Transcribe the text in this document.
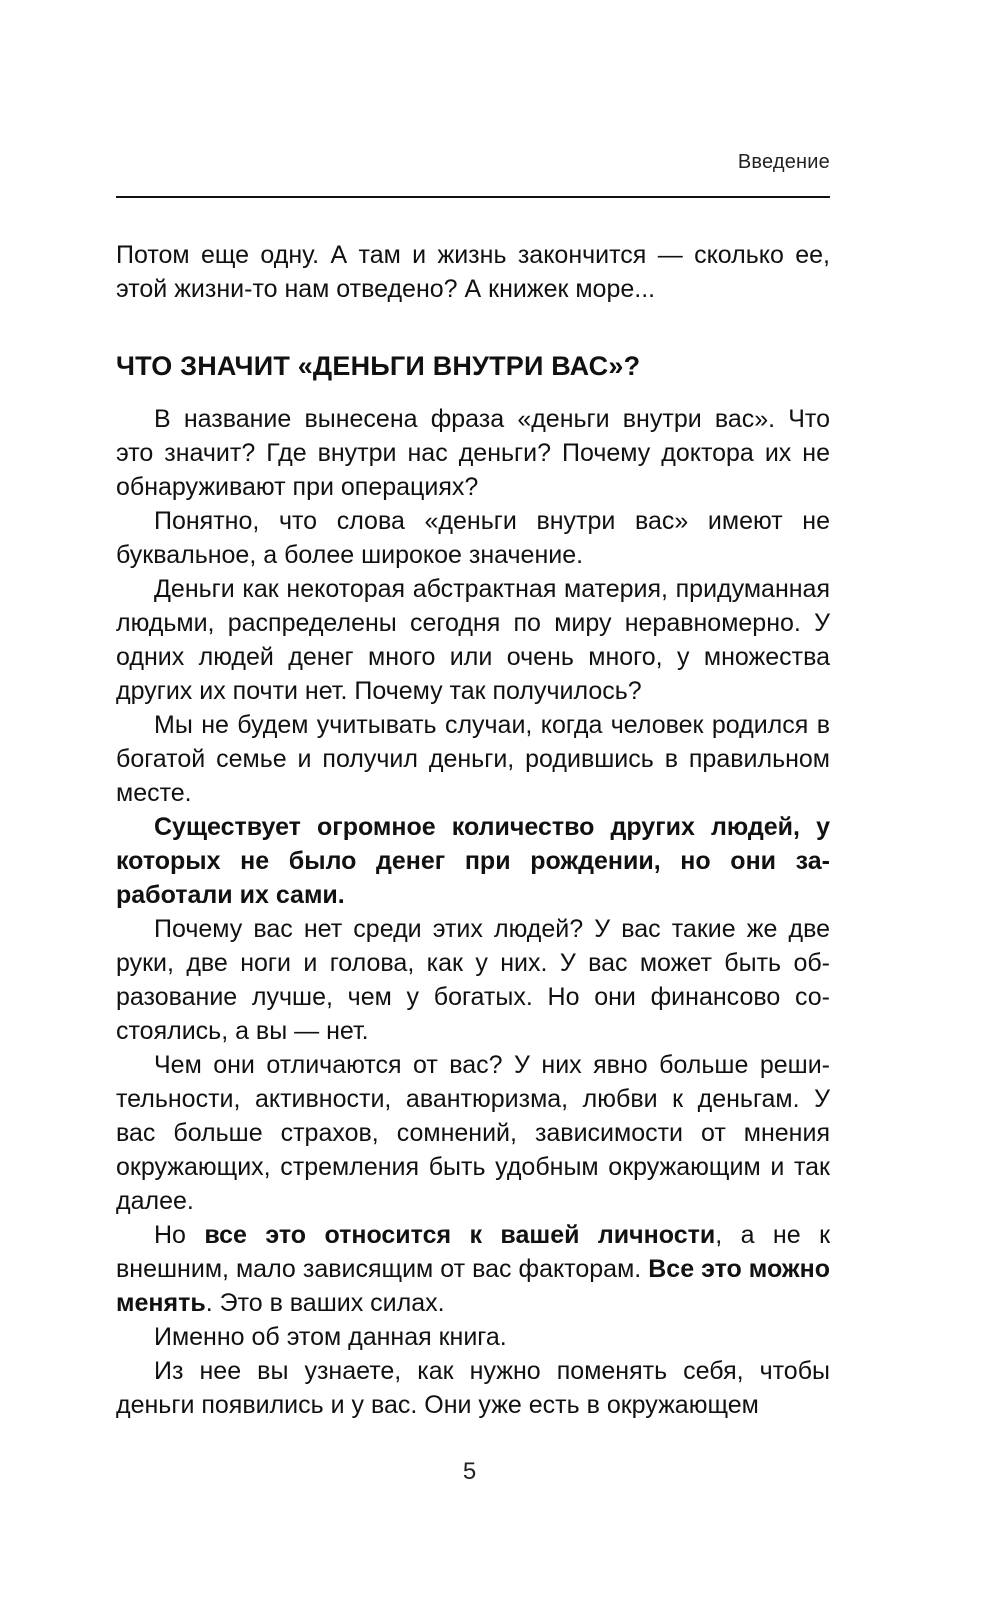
Введение

Потом еще одну. А там и жизнь закончится — сколько ее, этой жизни-то нам отведено? А книжек море...

ЧТО ЗНАЧИТ «ДЕНЬГИ ВНУТРИ ВАС»?

В название вынесена фраза «деньги внутри вас». Что это значит? Где внутри нас деньги? Почему доктора их не обнаруживают при операциях?

Понятно, что слова «деньги внутри вас» имеют не буквальное, а более широкое значение.

Деньги как некоторая абстрактная материя, придуманная людьми, распределены сегодня по миру неравномерно. У одних людей денег много или очень много, у множества других их почти нет. Почему так получилось?

Мы не будем учитывать случаи, когда человек родился в богатой семье и получил деньги, родившись в правильном месте.

Существует огромное количество других людей, у которых не было денег при рождении, но они заработали их сами.

Почему вас нет среди этих людей? У вас такие же две руки, две ноги и голова, как у них. У вас может быть образование лучше, чем у богатых. Но они финансово состоялись, а вы — нет.

Чем они отличаются от вас? У них явно больше решительности, активности, авантюризма, любви к деньгам. У вас больше страхов, сомнений, зависимости от мнения окружающих, стремления быть удобным окружающим и так далее.

Но все это относится к вашей личности, а не к внешним, мало зависящим от вас факторам. Все это можно менять. Это в ваших силах.

Именно об этом данная книга.

Из нее вы узнаете, как нужно поменять себя, чтобы деньги появились и у вас. Они уже есть в окружающем

5
